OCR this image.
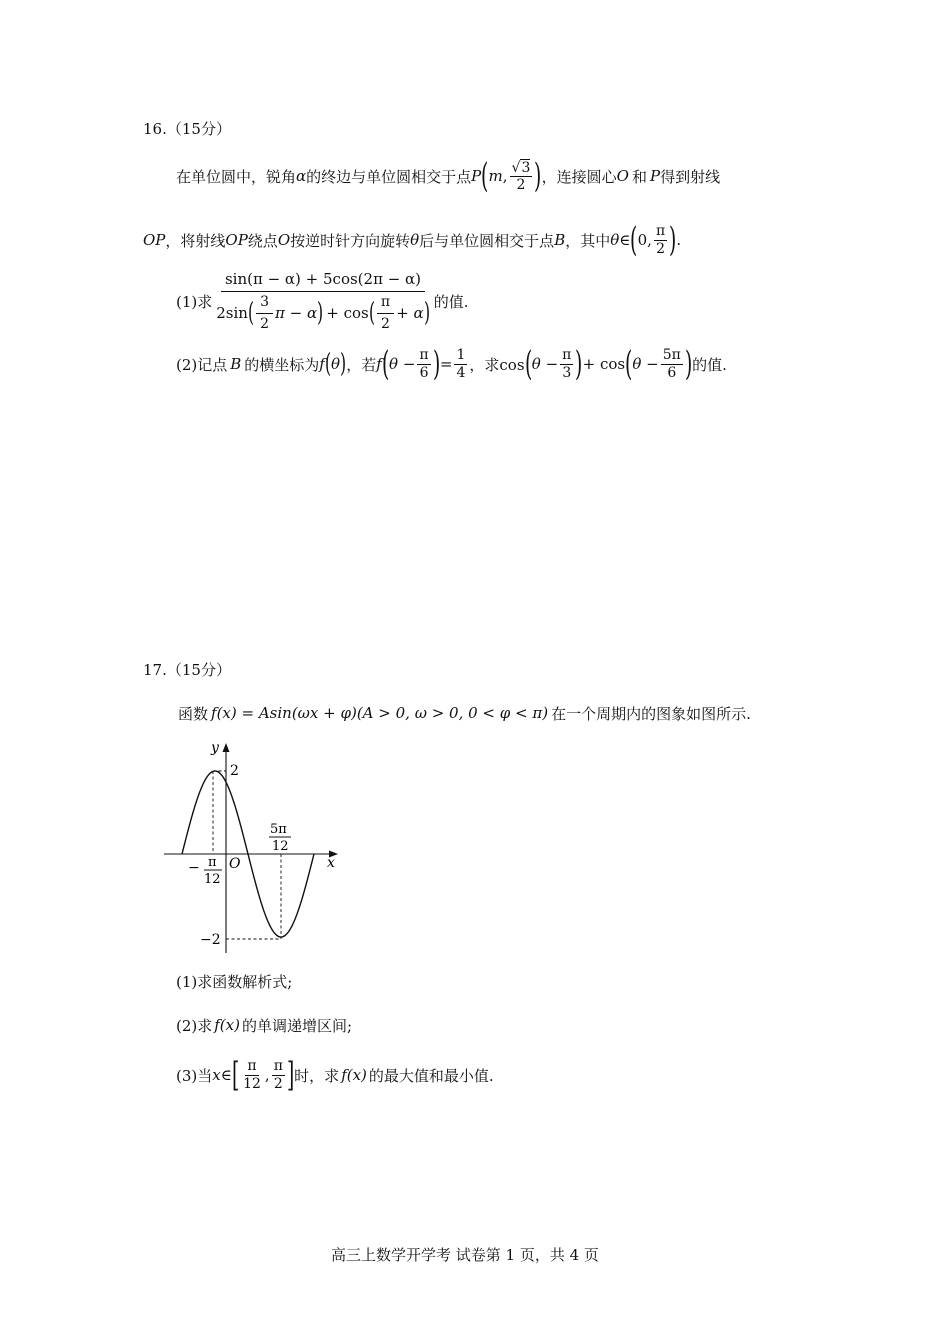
16.（15分）
在单位圆中，锐角 α 的终边与单位圆相交于点 P ( m , $\frac{√3}{2}$ ) ，连接圆心 O 和 P 得到射线
OP ，将射线 OP 绕点 O 按逆时针方向旋转 θ 后与单位圆相交于点 B ，其中 θ ∈ ( 0, $\frac{\pi}{2}$ ) .
(1)求
sin(π − α) + 5cos(2π − α)
2sin ( $\frac{3}{2}$ π − α ) + cos ( $\frac{\pi}{2} + \alpha$ ) 的值.
(2)记点 B 的横坐标为 f ( θ ) ，若 f ( $\theta - \frac{\pi}{6}$ ) = $\frac{1}{4}$ ，求cos ( $\theta - \frac{\pi}{3}$ ) + cos ( $\theta - \frac{5\pi}{6}$ ) 的值.
17.（15分）
函数 f(x) = Asin(ωx + φ)(A > 0, ω > 0, 0 < φ < π) 在一个周期内的图象如图所示.
y
x
O
2
−2
− π
12
5π
12
(1)求函数解析式;
(2)求 f(x) 的单调递增区间;
(3)当 x ∈ [ $\frac{\pi}{12}$ , $\frac{\pi}{2}$ ] 时，求 f(x) 的最大值和最小值.
高三上数学开学考 试卷第 1 页，共 4 页
